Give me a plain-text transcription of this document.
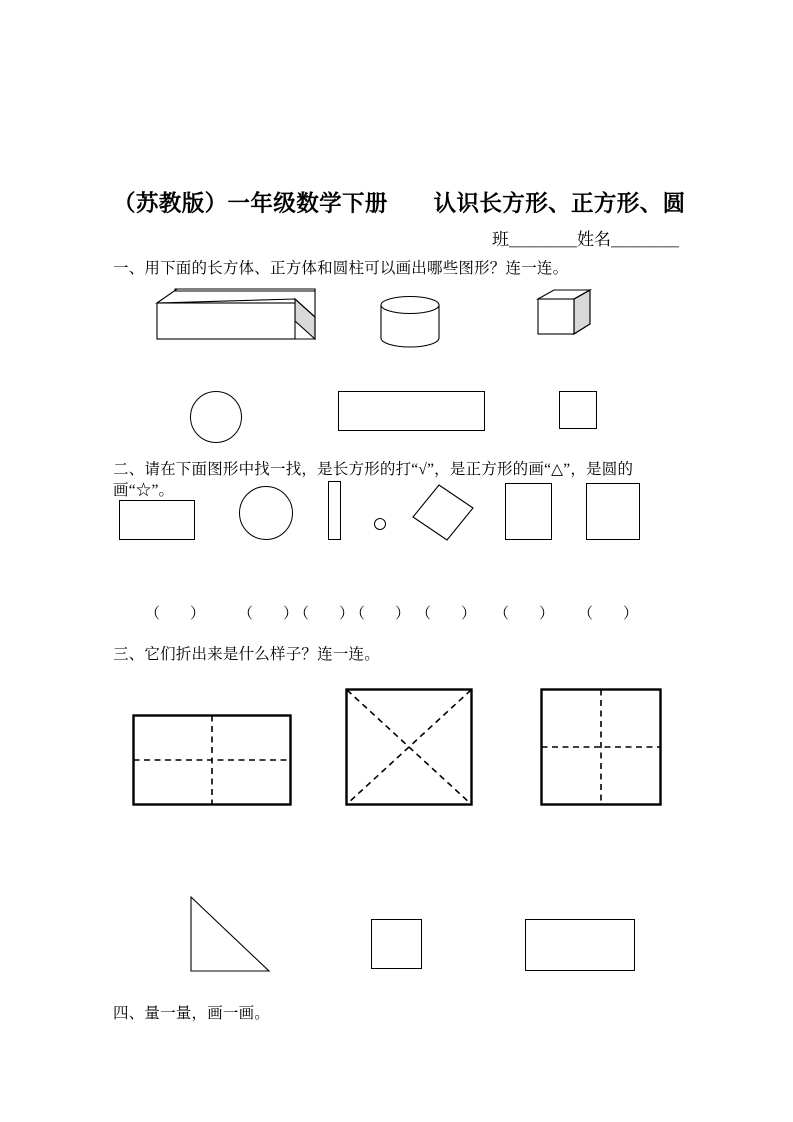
（苏教版）一年级数学下册　　认识长方形、正方形、圆
班＿＿＿＿姓名＿＿＿＿
一、用下面的长方体、正方体和圆柱可以画出哪些图形？连一连。
二、请在下面图形中找一找，是长方形的打“√”，是正方形的画“△”，是圆的画“☆”。
（　　） （　　）
（　　）
（　　） （　　） （　　） （　　）
三、它们折出来是什么样子？连一连。
四、量一量，画一画。
